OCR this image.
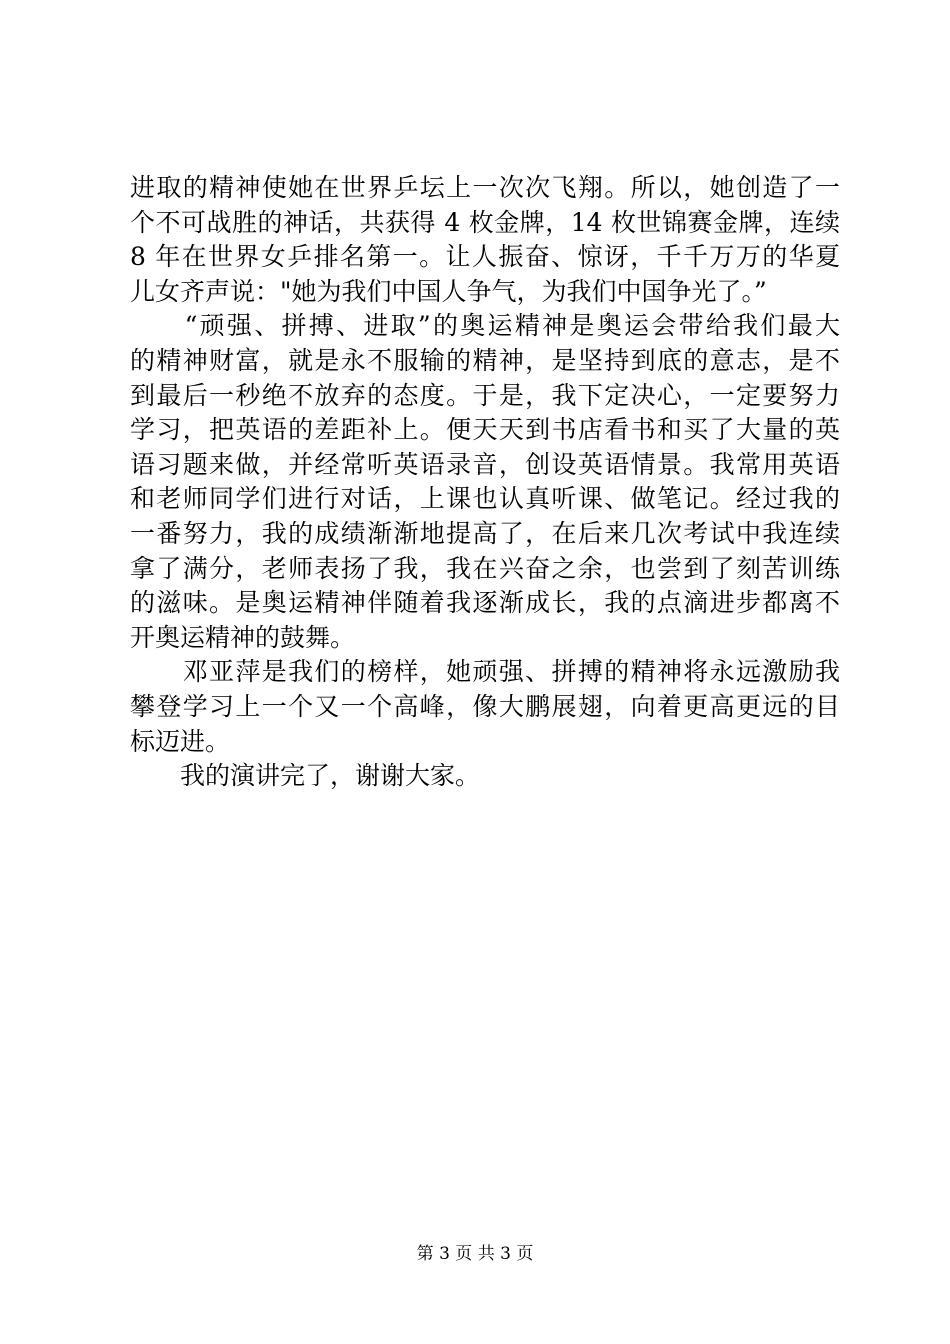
进取的精神使她在世界乒坛上一次次飞翔。所以，她创造了一
个不可战胜的神话，共获得 4 枚金牌，14 枚世锦赛金牌，连续
8 年在世界女乒排名第一。让人振奋、惊讶，千千万万的华夏
儿女齐声说："她为我们中国人争气，为我们中国争光了。”
　　“顽强、拼搏、进取”的奥运精神是奥运会带给我们最大
的精神财富，就是永不服输的精神，是坚持到底的意志，是不
到最后一秒绝不放弃的态度。于是，我下定决心，一定要努力
学习，把英语的差距补上。便天天到书店看书和买了大量的英
语习题来做，并经常听英语录音，创设英语情景。我常用英语
和老师同学们进行对话，上课也认真听课、做笔记。经过我的
一番努力，我的成绩渐渐地提高了，在后来几次考试中我连续
拿了满分，老师表扬了我，我在兴奋之余，也尝到了刻苦训练
的滋味。是奥运精神伴随着我逐渐成长，我的点滴进步都离不
开奥运精神的鼓舞。
　　邓亚萍是我们的榜样，她顽强、拼搏的精神将永远激励我
攀登学习上一个又一个高峰，像大鹏展翅，向着更高更远的目
标迈进。
　　我的演讲完了，谢谢大家。
第 3 页 共 3 页
